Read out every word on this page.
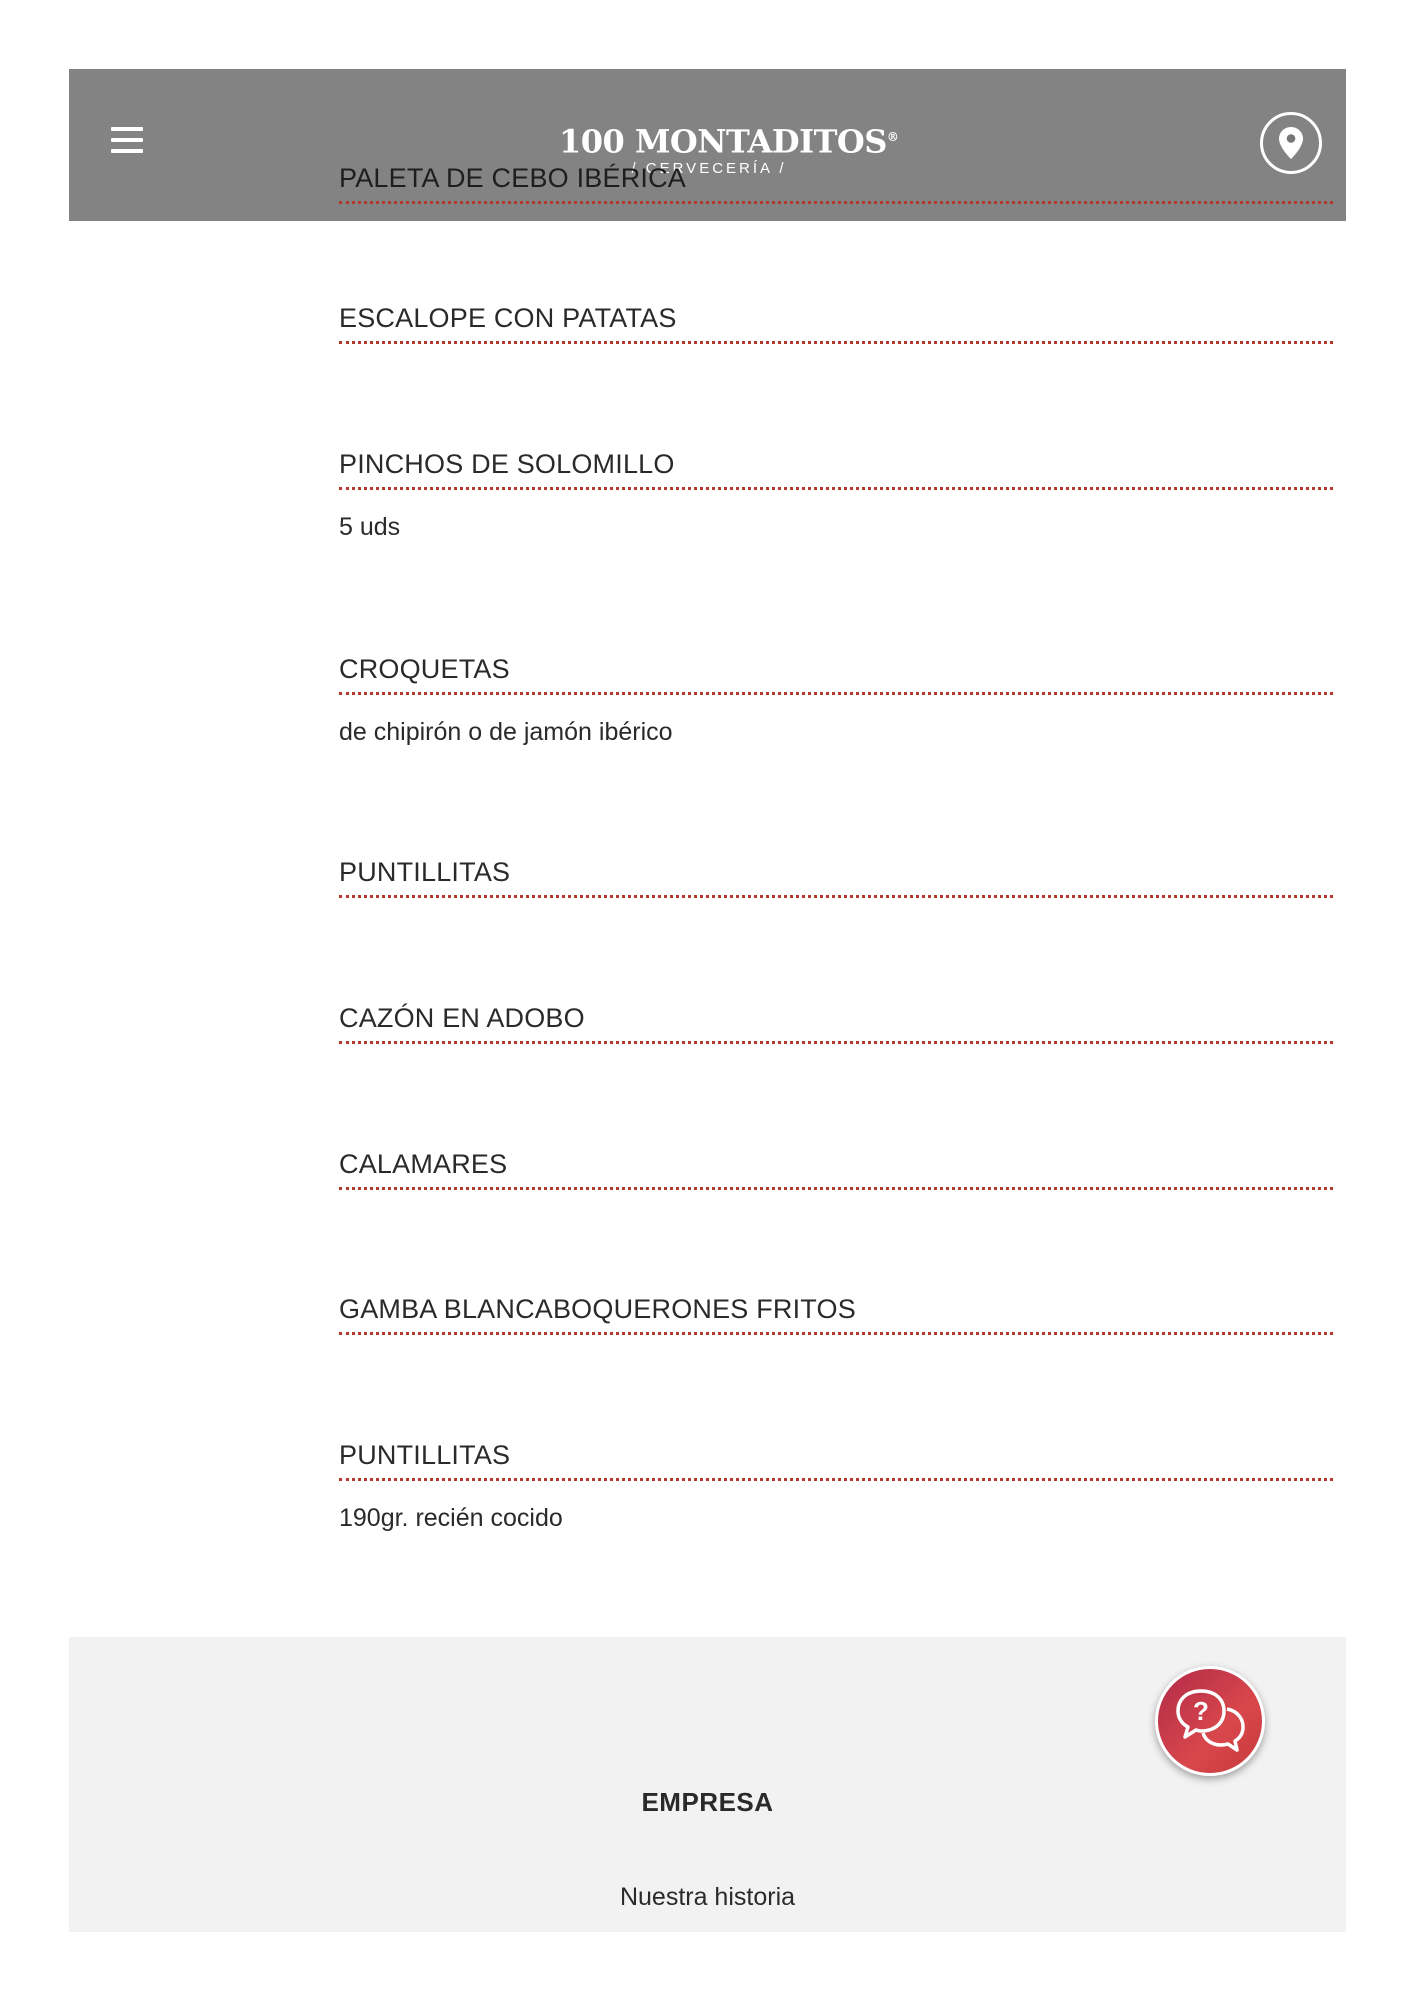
ESCALOPE CON PATATAS
PINCHOS DE SOLOMILLO
5 uds
CROQUETAS
de chipirón o de jamón ibérico
PUNTILLITAS
CAZÓN EN ADOBO
CALAMARES
GAMBA BLANCABOQUERONES FRITOS
PUNTILLITAS
190gr. recién cocido
100 MONTADITOS®
/ CERVECERÍA /
PALETA DE CEBO IBÉRICA
EMPRESA
Nuestra historia
?
